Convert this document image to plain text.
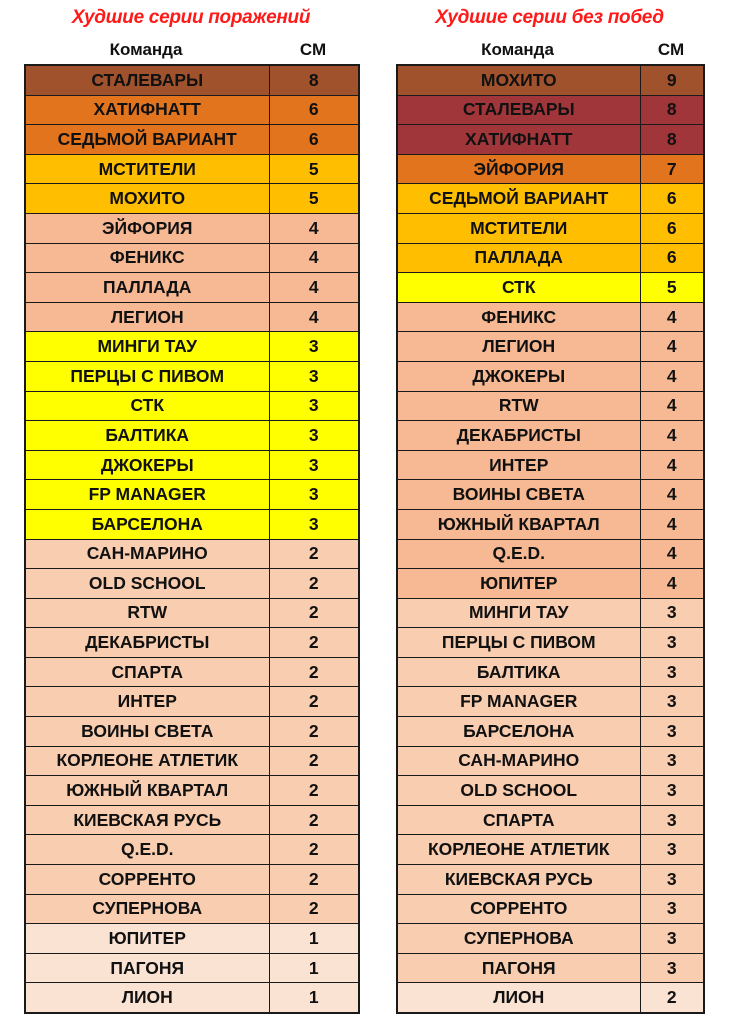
Худшие серии поражений
Команда	СМ
СТАЛЕВАРЫ	8
ХАТИФНАТТ	6
СЕДЬМОЙ ВАРИАНТ	6
МСТИТЕЛИ	5
МОХИТО	5
ЭЙФОРИЯ	4
ФЕНИКС	4
ПАЛЛАДА	4
ЛЕГИОН	4
МИНГИ ТАУ	3
ПЕРЦЫ С ПИВОМ	3
СТК	3
БАЛТИКА	3
ДЖОКЕРЫ	3
FP MANAGER	3
БАРСЕЛОНА	3
САН-МАРИНО	2
OLD SCHOOL	2
RTW	2
ДЕКАБРИСТЫ	2
СПАРТА	2
ИНТЕР	2
ВОИНЫ СВЕТА	2
КОРЛЕОНЕ АТЛЕТИК	2
ЮЖНЫЙ КВАРТАЛ	2
КИЕВСКАЯ РУСЬ	2
Q.E.D.	2
СОРРЕНТО	2
СУПЕРНОВА	2
ЮПИТЕР	1
ПАГОНЯ	1
ЛИОН	1
Худшие серии без побед
Команда	СМ
МОХИТО	9
СТАЛЕВАРЫ	8
ХАТИФНАТТ	8
ЭЙФОРИЯ	7
СЕДЬМОЙ ВАРИАНТ	6
МСТИТЕЛИ	6
ПАЛЛАДА	6
СТК	5
ФЕНИКС	4
ЛЕГИОН	4
ДЖОКЕРЫ	4
RTW	4
ДЕКАБРИСТЫ	4
ИНТЕР	4
ВОИНЫ СВЕТА	4
ЮЖНЫЙ КВАРТАЛ	4
Q.E.D.	4
ЮПИТЕР	4
МИНГИ ТАУ	3
ПЕРЦЫ С ПИВОМ	3
БАЛТИКА	3
FP MANAGER	3
БАРСЕЛОНА	3
САН-МАРИНО	3
OLD SCHOOL	3
СПАРТА	3
КОРЛЕОНЕ АТЛЕТИК	3
КИЕВСКАЯ РУСЬ	3
СОРРЕНТО	3
СУПЕРНОВА	3
ПАГОНЯ	3
ЛИОН	2
